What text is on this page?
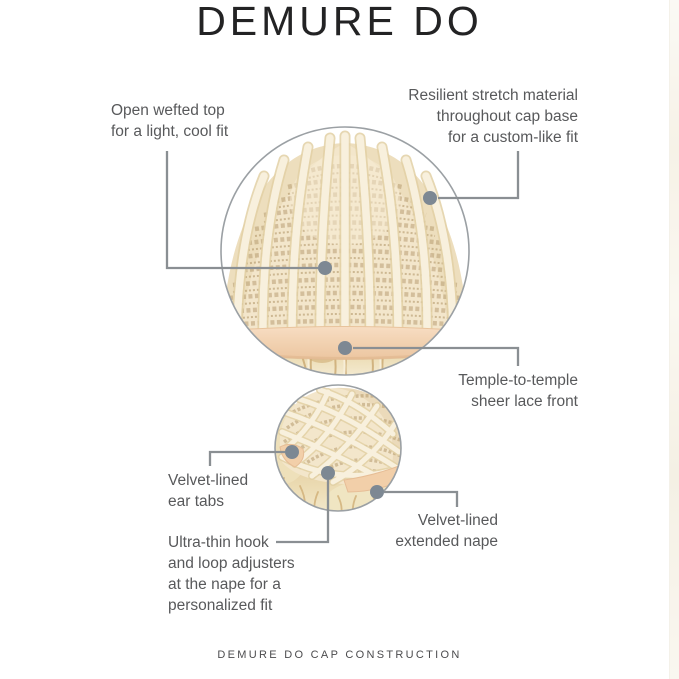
DEMURE DO
Open wefted top
for a light, cool fit
Resilient stretch material
throughout cap base
for a custom-like fit
Temple-to-temple
sheer lace front
Velvet-lined
ear tabs
Ultra-thin hook
and loop adjusters
at the nape for a
personalized fit
Velvet-lined
extended nape
DEMURE DO CAP CONSTRUCTION
